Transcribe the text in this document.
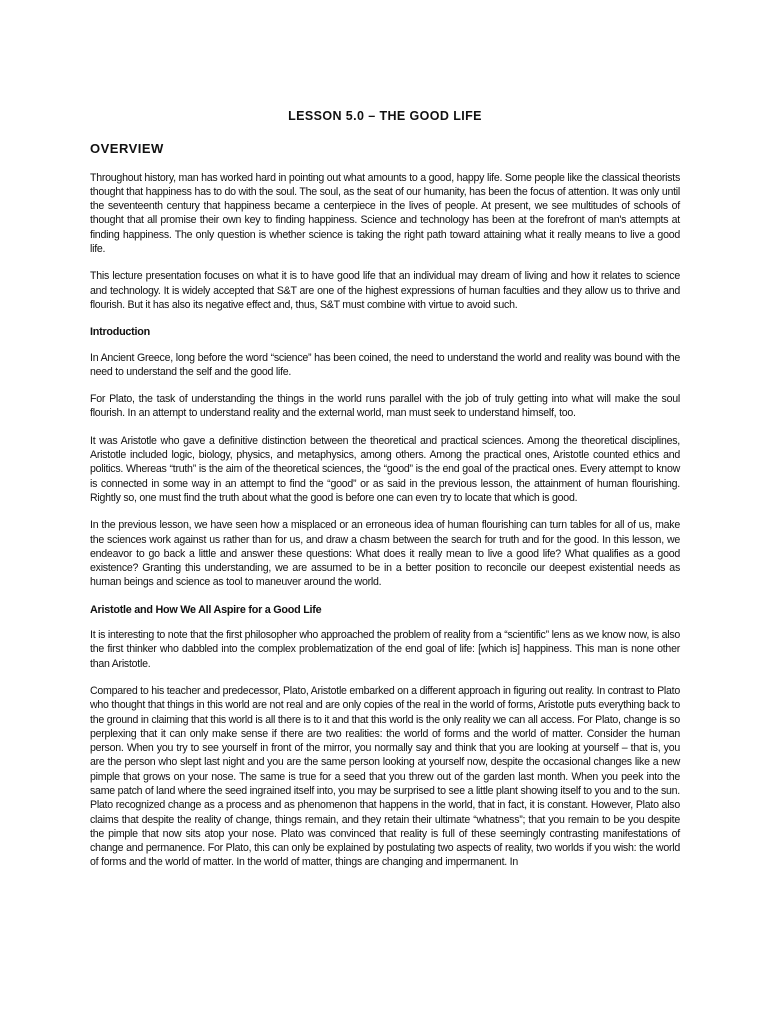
LESSON 5.0 – THE GOOD LIFE
OVERVIEW

Throughout history, man has worked hard in pointing out what amounts to a good, happy life. Some people like the classical theorists thought that happiness has to do with the soul. The soul, as the seat of our humanity, has been the focus of attention. It was only until the seventeenth century that happiness became a centerpiece in the lives of people. At present, we see multitudes of schools of thought that all promise their own key to finding happiness. Science and technology has been at the forefront of man's attempts at finding happiness. The only question is whether science is taking the right path toward attaining what it really means to live a good life.

This lecture presentation focuses on what it is to have good life that an individual may dream of living and how it relates to science and technology. It is widely accepted that S&T are one of the highest expressions of human faculties and they allow us to thrive and flourish. But it has also its negative effect and, thus, S&T must combine with virtue to avoid such.

Introduction

In Ancient Greece, long before the word “science” has been coined, the need to understand the world and reality was bound with the need to understand the self and the good life.

For Plato, the task of understanding the things in the world runs parallel with the job of truly getting into what will make the soul flourish. In an attempt to understand reality and the external world, man must seek to understand himself, too.

It was Aristotle who gave a definitive distinction between the theoretical and practical sciences. Among the theoretical disciplines, Aristotle included logic, biology, physics, and metaphysics, among others. Among the practical ones, Aristotle counted ethics and politics. Whereas “truth” is the aim of the theoretical sciences, the “good” is the end goal of the practical ones. Every attempt to know is connected in some way in an attempt to find the “good” or as said in the previous lesson, the attainment of human flourishing. Rightly so, one must find the truth about what the good is before one can even try to locate that which is good.

In the previous lesson, we have seen how a misplaced or an erroneous idea of human flourishing can turn tables for all of us, make the sciences work against us rather than for us, and draw a chasm between the search for truth and for the good. In this lesson, we endeavor to go back a little and answer these questions: What does it really mean to live a good life? What qualifies as a good existence? Granting this understanding, we are assumed to be in a better position to reconcile our deepest existential needs as human beings and science as tool to maneuver around the world.

Aristotle and How We All Aspire for a Good Life

It is interesting to note that the first philosopher who approached the problem of reality from a “scientific” lens as we know now, is also the first thinker who dabbled into the complex problematization of the end goal of life: [which is] happiness. This man is none other than Aristotle.

Compared to his teacher and predecessor, Plato, Aristotle embarked on a different approach in figuring out reality. In contrast to Plato who thought that things in this world are not real and are only copies of the real in the world of forms, Aristotle puts everything back to the ground in claiming that this world is all there is to it and that this world is the only reality we can all access. For Plato, change is so perplexing that it can only make sense if there are two realities: the world of forms and the world of matter. Consider the human person. When you try to see yourself in front of the mirror, you normally say and think that you are looking at yourself – that is, you are the person who slept last night and you are the same person looking at yourself now, despite the occasional changes like a new pimple that grows on your nose. The same is true for a seed that you threw out of the garden last month. When you peek into the same patch of land where the seed ingrained itself into, you may be surprised to see a little plant showing itself to you and to the sun. Plato recognized change as a process and as phenomenon that happens in the world, that in fact, it is constant. However, Plato also claims that despite the reality of change, things remain, and they retain their ultimate “whatness”; that you remain to be you despite the pimple that now sits atop your nose. Plato was convinced that reality is full of these seemingly contrasting manifestations of change and permanence. For Plato, this can only be explained by postulating two aspects of reality, two worlds if you wish: the world of forms and the world of matter. In the world of matter, things are changing and impermanent. In
